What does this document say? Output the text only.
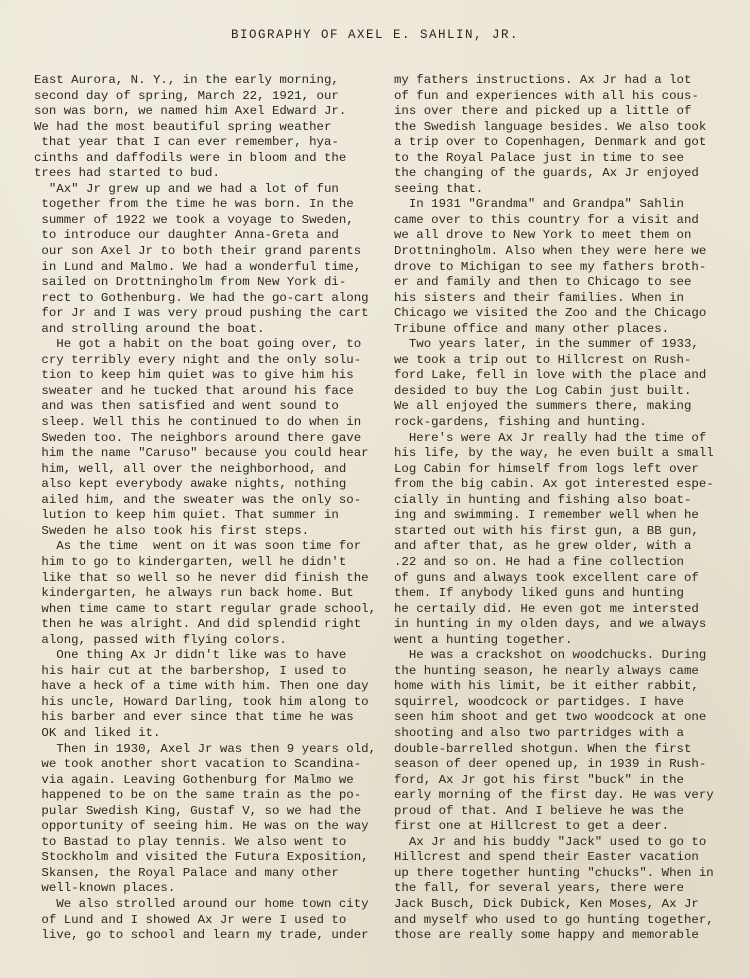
BIOGRAPHY OF AXEL E. SAHLIN, JR.
East Aurora, N. Y., in the early morning,
second day of spring, March 22, 1921, our
son was born, we named him Axel Edward Jr.
We had the most beautiful spring weather
that year that I can ever remember, hya-
cinths and daffodils were in bloom and the
trees had started to bud.
"Ax" Jr grew up and we had a lot of fun
together from the time he was born. In the
summer of 1922 we took a voyage to Sweden,
to introduce our daughter Anna-Greta and
our son Axel Jr to both their grand parents
in Lund and Malmo. We had a wonderful time,
sailed on Drottningholm from New York di-
rect to Gothenburg. We had the go-cart along
for Jr and I was very proud pushing the cart
and strolling around the boat.
He got a habit on the boat going over, to
cry terribly every night and the only solu-
tion to keep him quiet was to give him his
sweater and he tucked that around his face
and was then satisfied and went sound to
sleep. Well this he continued to do when in
Sweden too. The neighbors around there gave
him the name "Caruso" because you could hear
him, well, all over the neighborhood, and
also kept everybody awake nights, nothing
ailed him, and the sweater was the only so-
lution to keep him quiet. That summer in
Sweden he also took his first steps.
As the time  went on it was soon time for
him to go to kindergarten, well he didn't
like that so well so he never did finish the
kindergarten, he always run back home. But
when time came to start regular grade school,
then he was alright. And did splendid right
along, passed with flying colors.
One thing Ax Jr didn't like was to have
his hair cut at the barbershop, I used to
have a heck of a time with him. Then one day
his uncle, Howard Darling, took him along to
his barber and ever since that time he was
OK and liked it.
Then in 1930, Axel Jr was then 9 years old,
we took another short vacation to Scandina-
via again. Leaving Gothenburg for Malmo we
happened to be on the same train as the po-
pular Swedish King, Gustaf V, so we had the
opportunity of seeing him. He was on the way
to Bastad to play tennis. We also went to
Stockholm and visited the Futura Exposition,
Skansen, the Royal Palace and many other
well-known places.
We also strolled around our home town city
of Lund and I showed Ax Jr were I used to
live, go to school and learn my trade, under
my fathers instructions. Ax Jr had a lot
of fun and experiences with all his cous-
ins over there and picked up a little of
the Swedish language besides. We also took
a trip over to Copenhagen, Denmark and got
to the Royal Palace just in time to see
the changing of the guards, Ax Jr enjoyed
seeing that.
In 1931 "Grandma" and Grandpa" Sahlin
came over to this country for a visit and
we all drove to New York to meet them on
Drottningholm. Also when they were here we
drove to Michigan to see my fathers broth-
er and family and then to Chicago to see
his sisters and their families. When in
Chicago we visited the Zoo and the Chicago
Tribune office and many other places.
Two years later, in the summer of 1933,
we took a trip out to Hillcrest on Rush-
ford Lake, fell in love with the place and
desided to buy the Log Cabin just built.
We all enjoyed the summers there, making
rock-gardens, fishing and hunting.
Here's were Ax Jr really had the time of
his life, by the way, he even built a small
Log Cabin for himself from logs left over
from the big cabin. Ax got interested espe-
cially in hunting and fishing also boat-
ing and swimming. I remember well when he
started out with his first gun, a BB gun,
and after that, as he grew older, with a
.22 and so on. He had a fine collection
of guns and always took excellent care of
them. If anybody liked guns and hunting
he certaily did. He even got me intersted
in hunting in my olden days, and we always
went a hunting together.
He was a crackshot on woodchucks. During
the hunting season, he nearly always came
home with his limit, be it either rabbit,
squirrel, woodcock or partidges. I have
seen him shoot and get two woodcock at one
shooting and also two partridges with a
double-barrelled shotgun. When the first
season of deer opened up, in 1939 in Rush-
ford, Ax Jr got his first "buck" in the
early morning of the first day. He was very
proud of that. And I believe he was the
first one at Hillcrest to get a deer.
Ax Jr and his buddy "Jack" used to go to
Hillcrest and spend their Easter vacation
up there together hunting "chucks". When in
the fall, for several years, there were
Jack Busch, Dick Dubick, Ken Moses, Ax Jr
and myself who used to go hunting together,
those are really some happy and memorable
